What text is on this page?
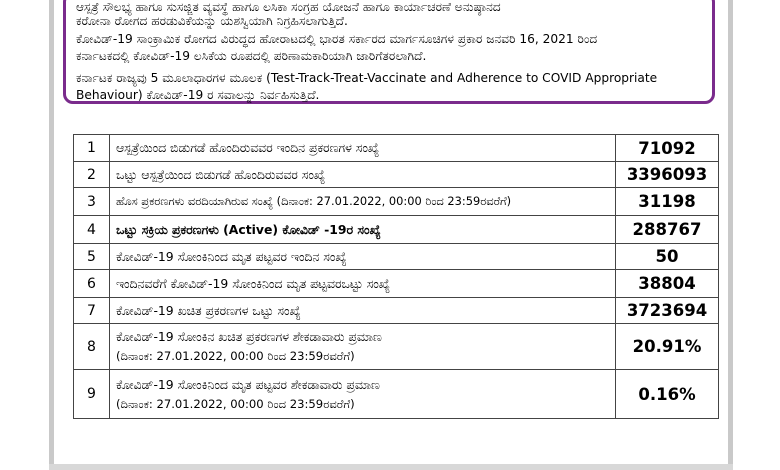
ಆಸ್ಪತ್ರೆ ಸೌಲಭ್ಯ ಹಾಗೂ ಸುಸಜ್ಜಿತ ವ್ಯವಸ್ಥೆ ಹಾಗೂ ಲಸಿಕಾ ಸಂಗ್ರಹ ಯೋಜನೆ ಹಾಗೂ ಕಾರ್ಯಾಚರಣೆ ಅನುಷ್ಠಾನದ
ಕರೋನಾ ರೋಗದ ಹರಡುವಿಕೆಯನ್ನು ಯಶಸ್ವಿಯಾಗಿ ನಿಗ್ರಹಿಸಲಾಗುತ್ತಿದೆ.
ಕೋವಿಡ್-19 ಸಾಂಕ್ರಾಮಿಕ ರೋಗದ ವಿರುದ್ಧದ ಹೋರಾಟದಲ್ಲಿ ಭಾರತ ಸರ್ಕಾರದ ಮಾರ್ಗಸೂಚಿಗಳ ಪ್ರಕಾರ ಜನವರಿ 16, 2021 ರಿಂದ
ಕರ್ನಾಟಕದಲ್ಲಿ ಕೋವಿಡ್-19 ಲಸಿಕೆಯ ರೂಪದಲ್ಲಿ ಪರಿಣಾಮಕಾರಿಯಾಗಿ ಜಾರಿಗೆತರಲಾಗಿದೆ.
ಕರ್ನಾಟಕ ರಾಜ್ಯವು 5 ಮೂಲಾಧಾರಗಳ ಮೂಲಕ (Test-Track-Treat-Vaccinate and Adherence to COVID Appropriate
Behaviour) ಕೋವಿಡ್-19 ರ ಸವಾಲನ್ನು ನಿರ್ವಹಿಸುತ್ತಿದೆ.
1	ಆಸ್ಪತ್ರೆಯಿಂದ ಬಿಡುಗಡೆ ಹೊಂದಿರುವವರ ಇಂದಿನ ಪ್ರಕರಣಗಳ ಸಂಖ್ಯೆ	71092
2	ಒಟ್ಟು ಆಸ್ಪತ್ರೆಯಿಂದ ಬಿಡುಗಡೆ ಹೊಂದಿರುವವರ ಸಂಖ್ಯೆ	3396093
3	ಹೊಸ ಪ್ರಕರಣಗಳು ವರದಿಯಾಗಿರುವ ಸಂಖ್ಯೆ (ದಿನಾಂಕ: 27.01.2022, 00:00 ರಿಂದ 23:59ರವರೆಗೆ)	31198
4	ಒಟ್ಟು ಸಕ್ರಿಯ ಪ್ರಕರಣಗಳು (Active) ಕೋವಿಡ್ -19ರ ಸಂಖ್ಯೆ	288767
5	ಕೋವಿಡ್-19 ಸೋಂಕಿನಿಂದ ಮೃತ ಪಟ್ಟವರ ಇಂದಿನ ಸಂಖ್ಯೆ	50
6	ಇಂದಿನವರೆಗೆ ಕೋವಿಡ್-19 ಸೋಂಕಿನಿಂದ ಮೃತ ಪಟ್ಟವರಒಟ್ಟು ಸಂಖ್ಯೆ	38804
7	ಕೋವಿಡ್-19 ಖಚಿತ ಪ್ರಕರಣಗಳ ಒಟ್ಟು ಸಂಖ್ಯೆ	3723694
8	ಕೋವಿಡ್-19 ಸೋಂಕಿನ ಖಚಿತ ಪ್ರಕರಣಗಳ ಶೇಕಡಾವಾರು ಪ್ರಮಾಣ
(ದಿನಾಂಕ: 27.01.2022, 00:00 ರಿಂದ 23:59ರವರೆಗೆ)	20.91%
9	ಕೋವಿಡ್-19 ಸೋಂಕಿನಿಂದ ಮೃತ ಪಟ್ಟವರ ಶೇಕಡಾವಾರು ಪ್ರಮಾಣ
(ದಿನಾಂಕ: 27.01.2022, 00:00 ರಿಂದ 23:59ರವರೆಗೆ)	0.16%
